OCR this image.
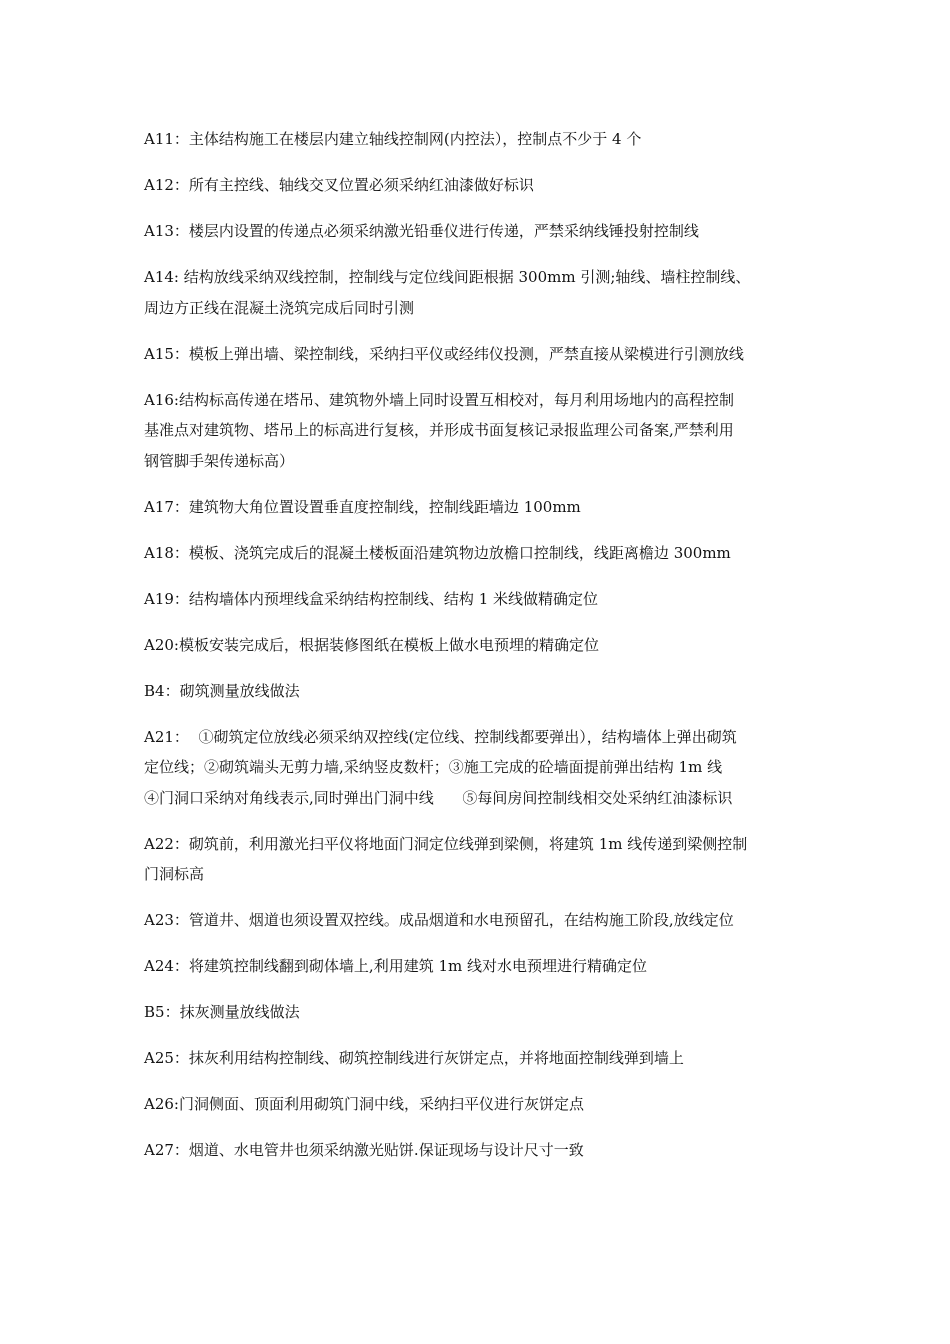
A11：主体结构施工在楼层内建立轴线控制网(内控法），控制点不少于 4 个

A12：所有主控线、轴线交叉位置必须采纳红油漆做好标识

A13：楼层内设置的传递点必须采纳激光铅垂仪进行传递，严禁采纳线锤投射控制线

A14: 结构放线采纳双线控制，控制线与定位线间距根据 300mm 引测;轴线、墙柱控制线、
周边方正线在混凝土浇筑完成后同时引测

A15：模板上弹出墙、梁控制线，采纳扫平仪或经纬仪投测，严禁直接从梁模进行引测放线

A16:结构标高传递在塔吊、建筑物外墙上同时设置互相校对，每月利用场地内的高程控制
基准点对建筑物、塔吊上的标高进行复核，并形成书面复核记录报监理公司备案,严禁利用
钢管脚手架传递标高）

A17：建筑物大角位置设置垂直度控制线，控制线距墙边 100mm

A18：模板、浇筑完成后的混凝土楼板面沿建筑物边放檐口控制线，线距离檐边 300mm

A19：结构墙体内预埋线盒采纳结构控制线、结构 1 米线做精确定位

A20:模板安装完成后，根据装修图纸在模板上做水电预埋的精确定位

B4：砌筑测量放线做法

A21：  ①砌筑定位放线必须采纳双控线(定位线、控制线都要弹出），结构墙体上弹出砌筑
定位线；②砌筑端头无剪力墙,采纳竖皮数杆；③施工完成的砼墙面提前弹出结构 1m 线
④门洞口采纳对角线表示,同时弹出门洞中线      ⑤每间房间控制线相交处采纳红油漆标识

A22：砌筑前，利用激光扫平仪将地面门洞定位线弹到梁侧，将建筑 1m 线传递到梁侧控制
门洞标高

A23：管道井、烟道也须设置双控线。成品烟道和水电预留孔，在结构施工阶段,放线定位

A24：将建筑控制线翻到砌体墙上,利用建筑 1m 线对水电预埋进行精确定位

B5：抹灰测量放线做法

A25：抹灰利用结构控制线、砌筑控制线进行灰饼定点，并将地面控制线弹到墙上

A26:门洞侧面、顶面利用砌筑门洞中线，采纳扫平仪进行灰饼定点

A27：烟道、水电管井也须采纳激光贴饼.保证现场与设计尺寸一致
